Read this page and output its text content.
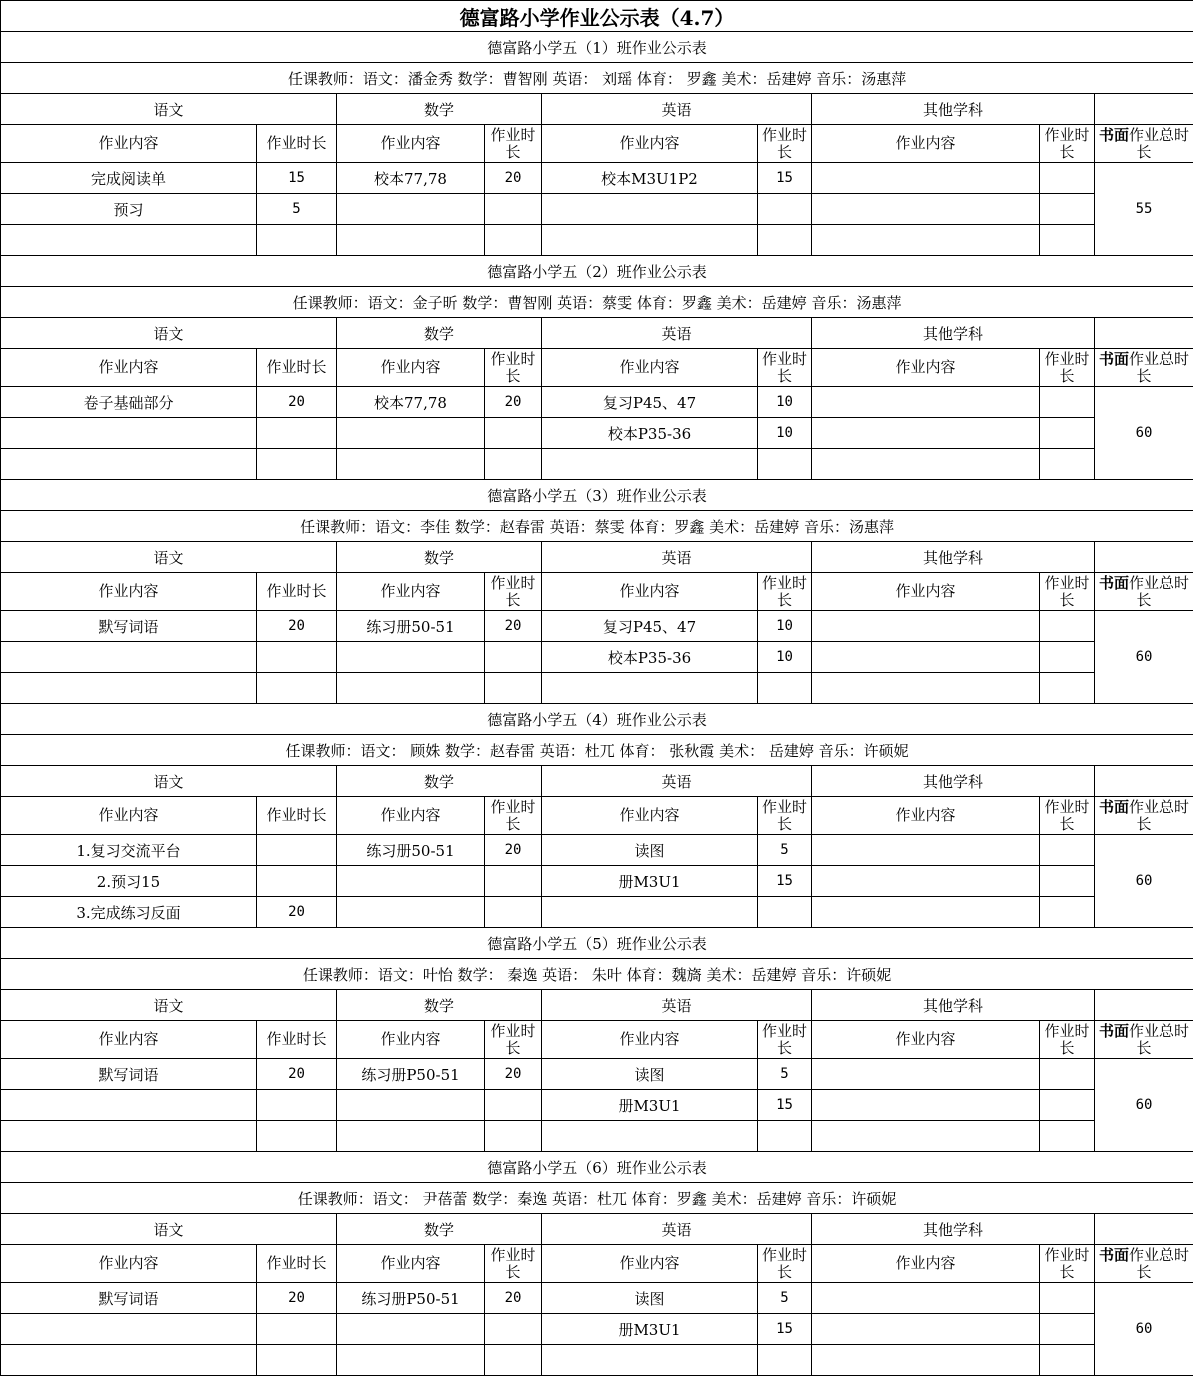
德富路小学作业公示表（4.7）								
德富路小学五（1）班作业公示表								
任课教师：语文：潘金秀 数学：曹智刚 英语： 刘瑶 体育： 罗鑫 美术：岳建婷 音乐：汤惠萍								
语文		数学		英语		其他学科		
作业内容	作业时长	作业内容	作业时长	作业内容	作业时长	作业内容	作业时长	书面作业总时长
完成阅读单	15	校本77,78	20	校本M3U1P2	15			55
预习	5							

德富路小学五（2）班作业公示表								
任课教师：语文：金子昕 数学：曹智刚 英语：蔡雯 体育：罗鑫 美术：岳建婷 音乐：汤惠萍								
语文		数学		英语		其他学科		
作业内容	作业时长	作业内容	作业时长	作业内容	作业时长	作业内容	作业时长	书面作业总时长
卷子基础部分	20	校本77,78	20	复习P45、47	10			60
				校本P35-36	10			

德富路小学五（3）班作业公示表								
任课教师：语文：李佳 数学：赵春雷 英语：蔡雯 体育：罗鑫 美术：岳建婷 音乐：汤惠萍								
语文		数学		英语		其他学科		
作业内容	作业时长	作业内容	作业时长	作业内容	作业时长	作业内容	作业时长	书面作业总时长
默写词语	20	练习册50-51	20	复习P45、47	10			60
				校本P35-36	10			

德富路小学五（4）班作业公示表								
任课教师：语文： 顾姝 数学：赵春雷 英语：杜兀 体育： 张秋霞 美术： 岳建婷 音乐：许硕妮								
语文		数学		英语		其他学科		
作业内容	作业时长	作业内容	作业时长	作业内容	作业时长	作业内容	作业时长	书面作业总时长
1.复习交流平台		练习册50-51	20	读图	5			60
2.预习15				册M3U1	15			
3.完成练习反面	20							
德富路小学五（5）班作业公示表								
任课教师：语文：叶怡 数学： 秦逸 英语： 朱叶 体育：魏旖 美术：岳建婷 音乐：许硕妮								
语文		数学		英语		其他学科		
作业内容	作业时长	作业内容	作业时长	作业内容	作业时长	作业内容	作业时长	书面作业总时长
默写词语	20	练习册P50-51	20	读图	5			60
				册M3U1	15			

德富路小学五（6）班作业公示表								
任课教师：语文： 尹蓓蕾 数学：秦逸 英语：杜兀 体育：罗鑫 美术：岳建婷 音乐：许硕妮								
语文		数学		英语		其他学科		
作业内容	作业时长	作业内容	作业时长	作业内容	作业时长	作业内容	作业时长	书面作业总时长
默写词语	20	练习册P50-51	20	读图	5			60
				册M3U1	15			
